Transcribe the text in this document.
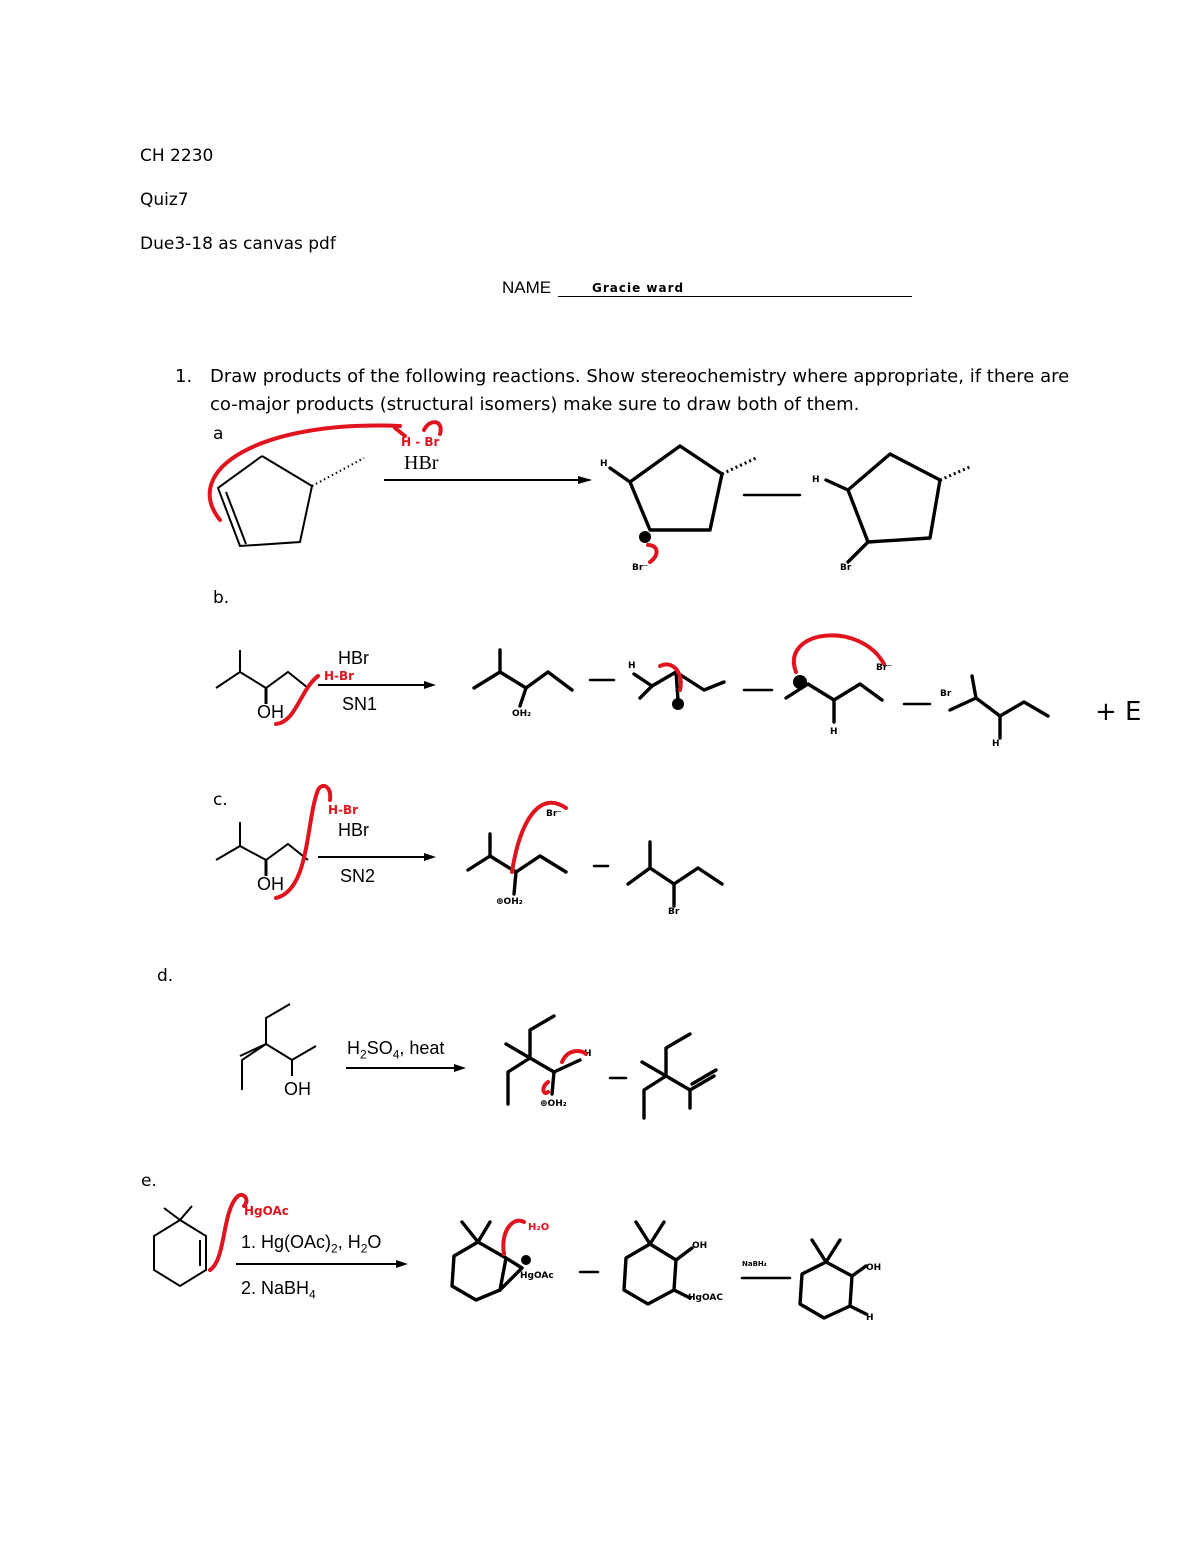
CH 2230
Quiz7
Due3-18 as canvas pdf
NAME	Gracie ward
1. Draw products of the following reactions. Show stereochemistry where appropriate, if there are
co-major products (structural isomers) make sure to draw both of them.
a
b.
c.
d.
e.
HBr
HBr
SN1
OH	+ E
HBr
SN2
OH
$H_2SO_4$, heat
OH
1. $Hg(OAc)_2$, $H_2O$
2. NaBH$_4$
H - Br
Br⁻
H
H
Br
H-Br
OH₂
H
H
Br⁻
Br
H
H-Br
⊕OH₂
Br⁻
Br
⊕OH₂
H
HgOAc
HgOAc
H₂O
OH
HgOAC
NaBH₄	OH
H
